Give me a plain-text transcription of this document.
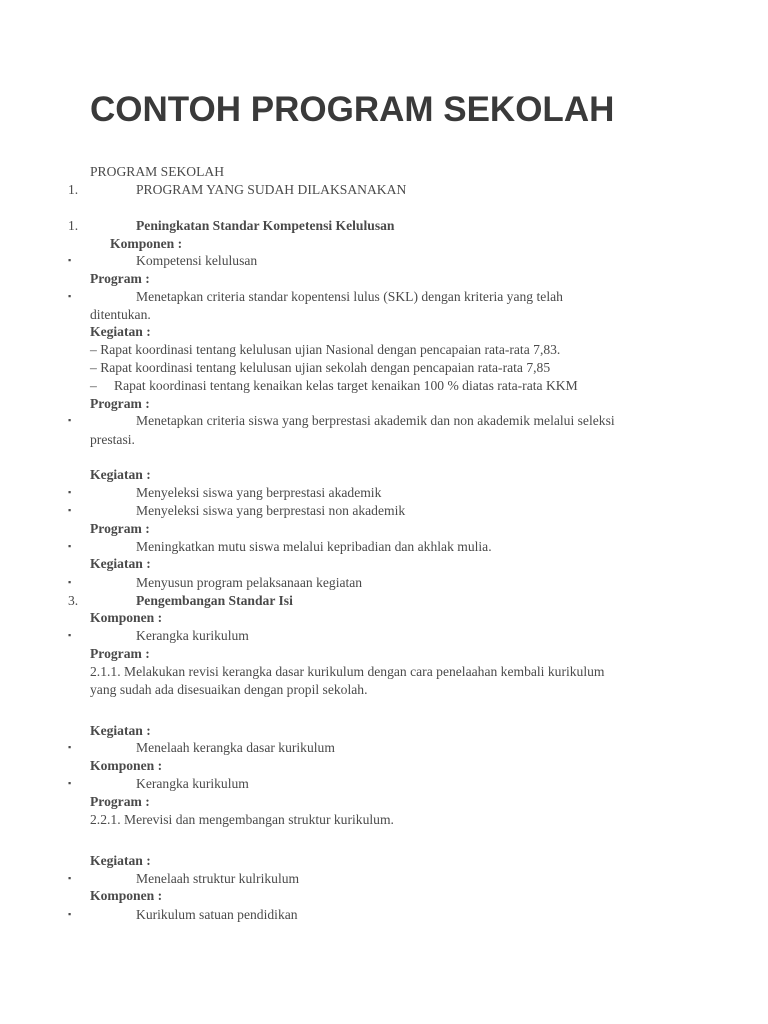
CONTOH PROGRAM SEKOLAH
PROGRAM SEKOLAH
1.	PROGRAM YANG SUDAH DILAKSANAKAN
1.	Peningkatan Standar Kompetensi Kelulusan
Komponen :
▪	Kompetensi kelulusan
Program :
▪	Menetapkan criteria standar kopentensi lulus (SKL) dengan kriteria yang telah
ditentukan.
Kegiatan :
– Rapat koordinasi tentang kelulusan ujian Nasional dengan pencapaian rata-rata 7,83.
– Rapat koordinasi tentang kelulusan ujian sekolah dengan pencapaian rata-rata 7,85
– Rapat koordinasi tentang kenaikan kelas target kenaikan 100 % diatas rata-rata KKM
Program :
▪	Menetapkan criteria siswa yang berprestasi akademik dan non akademik melalui seleksi
prestasi.
Kegiatan :
▪	Menyeleksi siswa yang berprestasi akademik
▪	Menyeleksi siswa yang berprestasi non akademik
Program :
▪	Meningkatkan mutu siswa melalui kepribadian dan akhlak mulia.
Kegiatan :
▪	Menyusun program pelaksanaan kegiatan
3.	Pengembangan Standar Isi
Komponen :
▪	Kerangka kurikulum
Program :
2.1.1. Melakukan revisi kerangka dasar kurikulum dengan cara penelaahan kembali kurikulum
yang sudah ada disesuaikan dengan propil sekolah.
Kegiatan :
▪	Menelaah kerangka dasar kurikulum
Komponen :
▪	Kerangka kurikulum
Program :
2.2.1. Merevisi dan mengembangan struktur kurikulum.
Kegiatan :
▪	Menelaah struktur kulrikulum
Komponen :
▪	Kurikulum satuan pendidikan
